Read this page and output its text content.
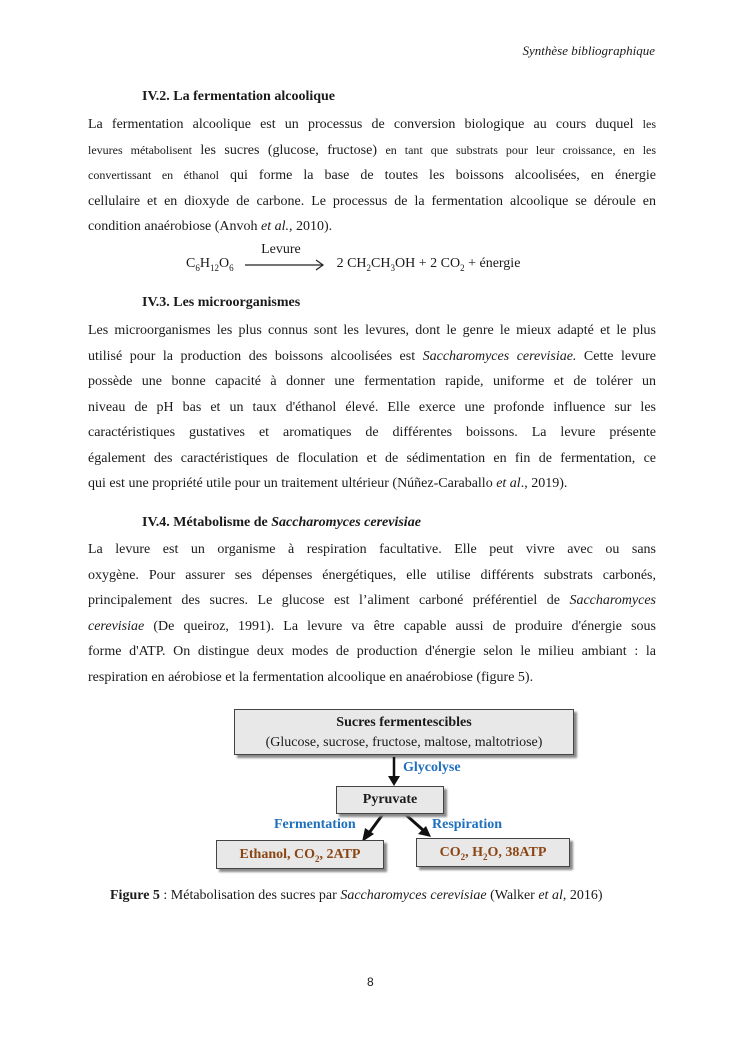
Synthèse bibliographique
IV.2. La fermentation alcoolique
La fermentation alcoolique est un processus de conversion biologique au cours duquel les
levures métabolisent les sucres (glucose, fructose) en tant que substrats pour leur croissance, en les
convertissant en éthanol qui forme la base de toutes les boissons alcoolisées, en énergie
cellulaire et en dioxyde de carbone. Le processus de la fermentation alcoolique se déroule en
condition anaérobiose (Anvoh et al., 2010).
$C_6H_{12}O_6$
Levure
2 $CH_2CH_3OH + 2$ $CO_2$ + énergie
IV.3. Les microorganismes
Les microorganismes les plus connus sont les levures, dont le genre le mieux adapté et le plus
utilisé pour la production des boissons alcoolisées est Saccharomyces cerevisiae. Cette levure
possède une bonne capacité à donner une fermentation rapide, uniforme et de tolérer un
niveau de pH bas et un taux d'éthanol élevé. Elle exerce une profonde influence sur les
caractéristiques gustatives et aromatiques de différentes boissons. La levure présente
également des caractéristiques de floculation et de sédimentation en fin de fermentation, ce
qui est une propriété utile pour un traitement ultérieur (Núñez-Caraballo et al., 2019).
IV.4. Métabolisme de Saccharomyces cerevisiae
La levure est un organisme à respiration facultative. Elle peut vivre avec ou sans
oxygène. Pour assurer ses dépenses énergétiques, elle utilise différents substrats carbonés,
principalement des sucres. Le glucose est l’aliment carboné préférentiel de Saccharomyces
cerevisiae (De queiroz, 1991). La levure va être capable aussi de produire d'énergie sous
forme d'ATP. On distingue deux modes de production d'énergie selon le milieu ambiant : la
respiration en aérobiose et la fermentation alcoolique en anaérobiose (figure 5).
Sucres fermentescibles
(Glucose, sucrose, fructose, maltose, maltotriose)
Glycolyse
Pyruvate
Fermentation	Respiration
Ethanol, $CO_2$, 2ATP	$CO_2$, $H_2O$, 38ATP
Figure 5 : Métabolisation des sucres par Saccharomyces cerevisiae (Walker et al, 2016)
8
